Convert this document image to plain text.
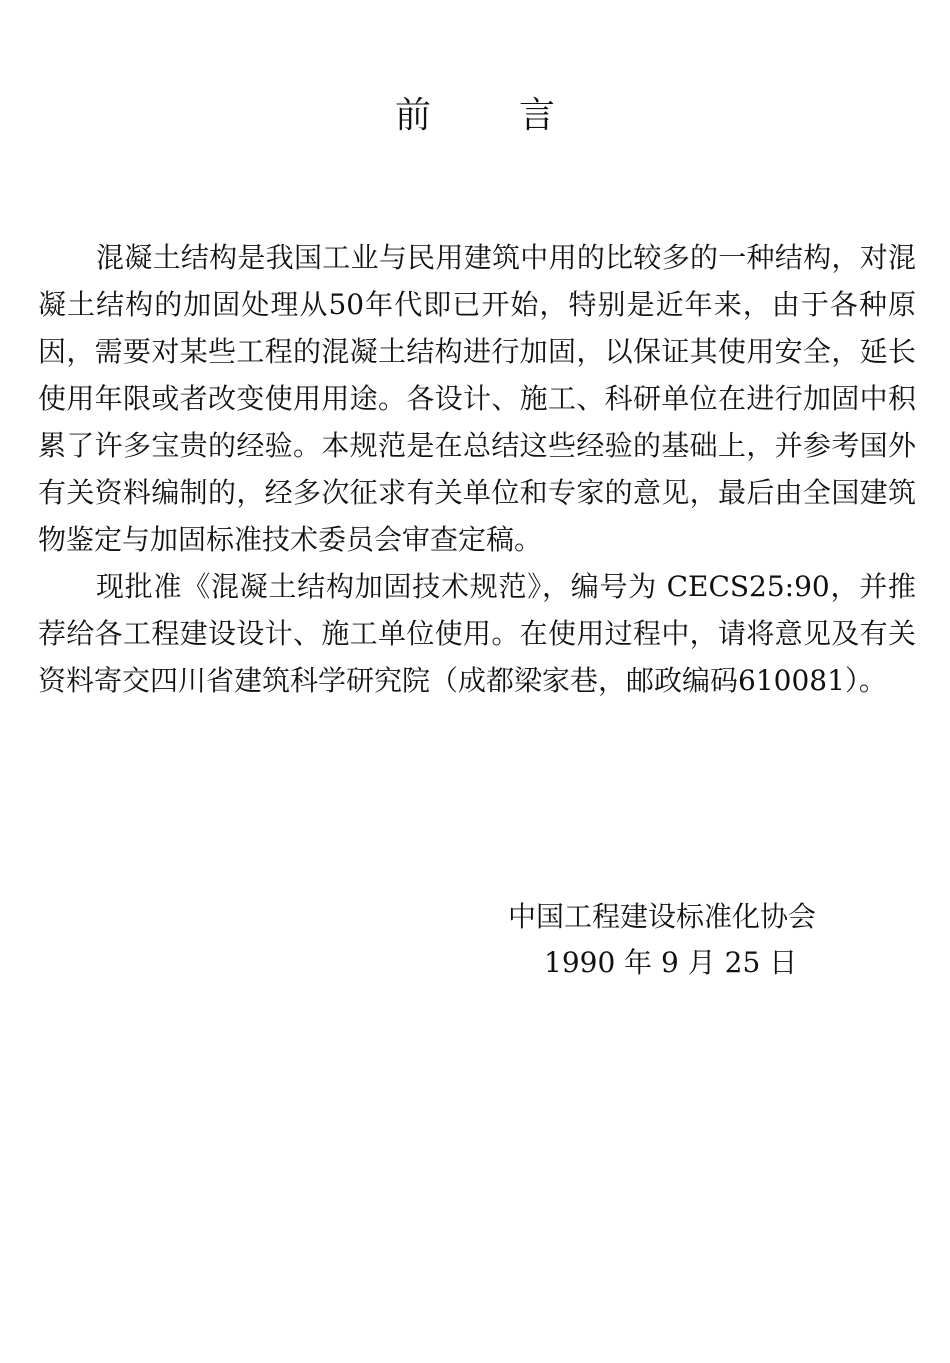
前言

混凝土结构是我国工业与民用建筑中用的比较多的一种结构，对混凝土结构的加固处理从50年代即已开始，特别是近年来，由于各种原因，需要对某些工程的混凝土结构进行加固，以保证其使用安全，延长使用年限或者改变使用用途。各设计、施工、科研单位在进行加固中积累了许多宝贵的经验。本规范是在总结这些经验的基础上，并参考国外有关资料编制的，经多次征求有关单位和专家的意见，最后由全国建筑物鉴定与加固标准技术委员会审查定稿。

现批准《混凝土结构加固技术规范》，编号为 CECS25:90，并推荐给各工程建设设计、施工单位使用。在使用过程中，请将意见及有关资料寄交四川省建筑科学研究院（成都梁家巷，邮政编码610081）。

中国工程建设标准化协会

1990 年 9 月 25 日
